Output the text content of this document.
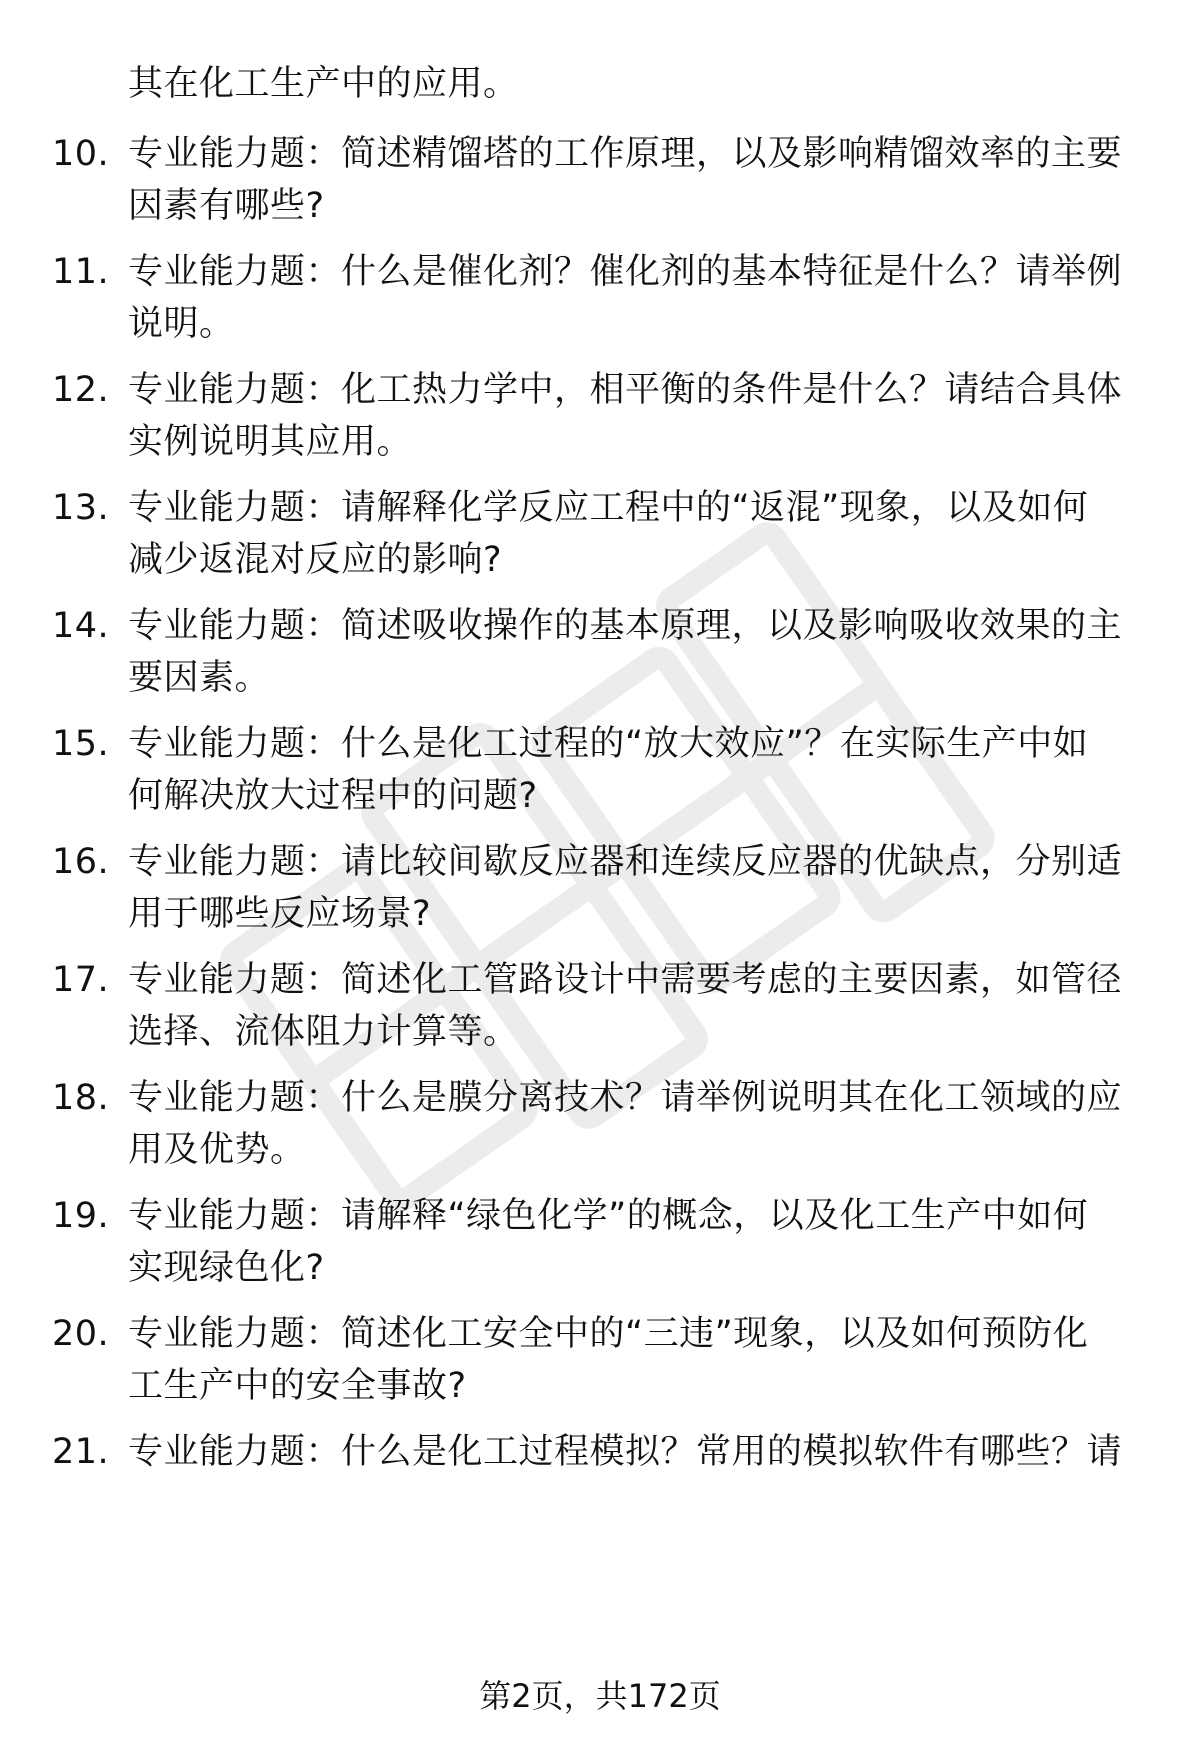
其在化工生产中的应用。
10. 专业能力题：简述精馏塔的工作原理，以及影响精馏效率的主要
因素有哪些?
11. 专业能力题：什么是催化剂？催化剂的基本特征是什么？请举例
说明。
12. 专业能力题：化工热力学中，相平衡的条件是什么？请结合具体
实例说明其应用。
13. 专业能力题：请解释化学反应工程中的“返混”现象，以及如何
减少返混对反应的影响?
14. 专业能力题：简述吸收操作的基本原理，以及影响吸收效果的主
要因素。
15. 专业能力题：什么是化工过程的“放大效应”？在实际生产中如
何解决放大过程中的问题?
16. 专业能力题：请比较间歇反应器和连续反应器的优缺点，分别适
用于哪些反应场景?
17. 专业能力题：简述化工管路设计中需要考虑的主要因素，如管径
选择、流体阻力计算等。
18. 专业能力题：什么是膜分离技术？请举例说明其在化工领域的应
用及优势。
19. 专业能力题：请解释“绿色化学”的概念，以及化工生产中如何
实现绿色化?
20. 专业能力题：简述化工安全中的“三违”现象，以及如何预防化
工生产中的安全事故?
21. 专业能力题：什么是化工过程模拟？常用的模拟软件有哪些？请
第2页，共172页
